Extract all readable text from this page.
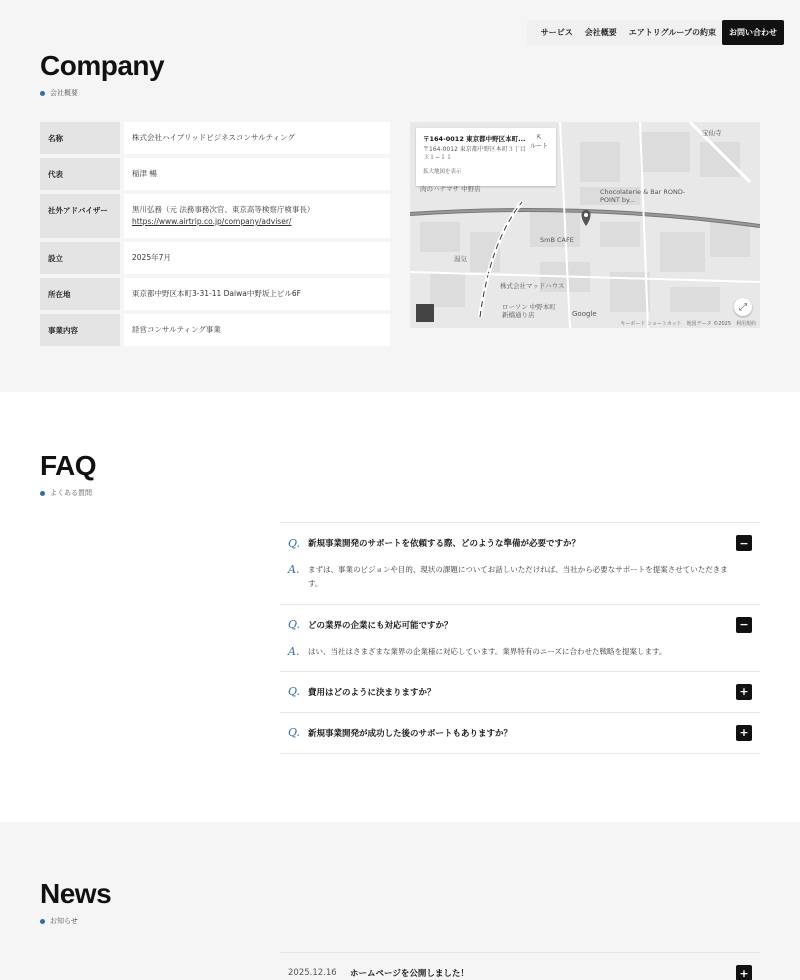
サービス	会社概要	エアトリグループの約束	お問い合わせ
Company
会社概要
名称	株式会社ハイブリッドビジネスコンサルティング
代表	稲津 暢
社外アドバイザー	黒川弘務（元 法務事務次官、東京高等検察庁検事長）
https://www.airtrip.co.jp/company/adviser/
設立	2025年7月
所在地	東京都中野区本町3-31-11 Daiwa中野坂上ビル6F
事業内容	経営コンサルティング事業
〒164-0012 東京都中野区本町...
〒164-0012 東京都中野区本町３丁目
３１−１１
拡大地図を表示
⇱
ルート
Chocolaterie & Bar ROND-POINT by...
SmB CAFE
株式会社マッドハウス
ローソン 中野本町新橋通り店
湯気
宝仙寺
肉のハナマサ 中野店
Google
⤢
キーボード ショートカット　地図データ ©2025　利用規約
FAQ
よくある質問
Q. 新規事業開発のサポートを依頼する際、どのような準備が必要ですか？	−
A.	まずは、事業のビジョンや目的、現状の課題についてお話しいただければ、当社から必要なサポートを提案させていただきます。
Q. どの業界の企業にも対応可能ですか？	−
A.	はい、当社はさまざまな業界の企業様に対応しています。業界特有のニーズに合わせた戦略を提案します。
Q. 費用はどのように決まりますか？	+
Q. 新規事業開発が成功した後のサポートもありますか？	+
News
お知らせ
2025.12.16	ホームページを公開しました！	+
